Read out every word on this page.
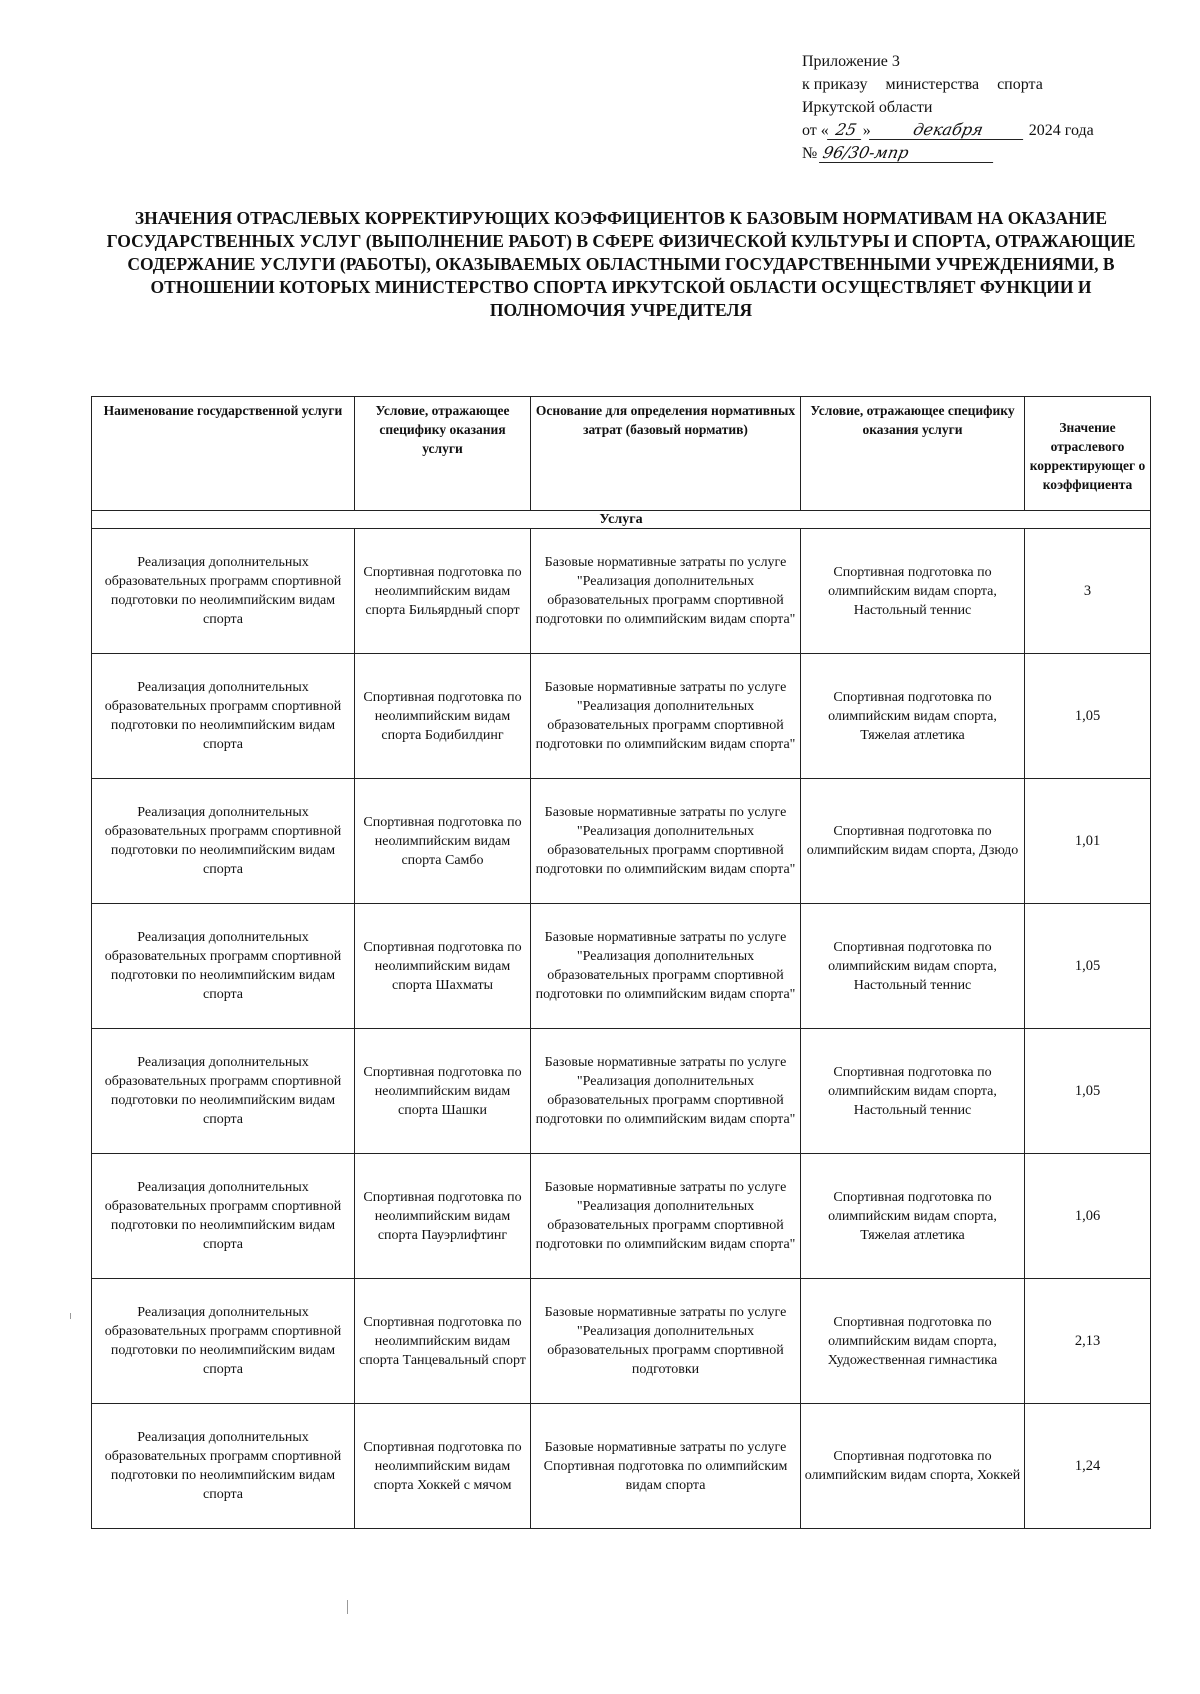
Приложение 3
к приказу министерства спорта
Иркутской области
от « 25 »	декабря	2024 года
№ 96/30-мпр
ЗНАЧЕНИЯ ОТРАСЛЕВЫХ КОРРЕКТИРУЮЩИХ КОЭФФИЦИЕНТОВ К БАЗОВЫМ НОРМАТИВАМ НА ОКАЗАНИЕ ГОСУДАРСТВЕННЫХ УСЛУГ (ВЫПОЛНЕНИЕ РАБОТ) В СФЕРЕ ФИЗИЧЕСКОЙ КУЛЬТУРЫ И СПОРТА, ОТРАЖАЮЩИЕ СОДЕРЖАНИЕ УСЛУГИ (РАБОТЫ), ОКАЗЫВАЕМЫХ ОБЛАСТНЫМИ ГОСУДАРСТВЕННЫМИ УЧРЕЖДЕНИЯМИ, В ОТНОШЕНИИ КОТОРЫХ МИНИСТЕРСТВО СПОРТА ИРКУТСКОЙ ОБЛАСТИ ОСУЩЕСТВЛЯЕТ ФУНКЦИИ И ПОЛНОМОЧИЯ УЧРЕДИТЕЛЯ
Наименование государственной услуги	Условие, отражающее специфику оказания услуги	Основание для определения нормативных затрат (базовый норматив)	Условие, отражающее специфику оказания услуги	Значение отраслевого корректирующег о коэффициента
Услуга				
Реализация дополнительных образовательных программ спортивной подготовки по неолимпийским видам спорта	Спортивная подготовка по неолимпийским видам спорта Бильярдный спорт	Базовые нормативные затраты по услуге "Реализация дополнительных образовательных программ спортивной подготовки по олимпийским видам спорта"	Спортивная подготовка по олимпийским видам спорта, Настольный теннис	3
Реализация дополнительных образовательных программ спортивной подготовки по неолимпийским видам спорта	Спортивная подготовка по неолимпийским видам спорта Бодибилдинг	Базовые нормативные затраты по услуге "Реализация дополнительных образовательных программ спортивной подготовки по олимпийским видам спорта"	Спортивная подготовка по олимпийским видам спорта, Тяжелая атлетика	1,05
Реализация дополнительных образовательных программ спортивной подготовки по неолимпийским видам спорта	Спортивная подготовка по неолимпийским видам спорта Самбо	Базовые нормативные затраты по услуге "Реализация дополнительных образовательных программ спортивной подготовки по олимпийским видам спорта"	Спортивная подготовка по олимпийским видам спорта, Дзюдо	1,01
Реализация дополнительных образовательных программ спортивной подготовки по неолимпийским видам спорта	Спортивная подготовка по неолимпийским видам спорта Шахматы	Базовые нормативные затраты по услуге "Реализация дополнительных образовательных программ спортивной подготовки по олимпийским видам спорта"	Спортивная подготовка по олимпийским видам спорта, Настольный теннис	1,05
Реализация дополнительных образовательных программ спортивной подготовки по неолимпийским видам спорта	Спортивная подготовка по неолимпийским видам спорта Шашки	Базовые нормативные затраты по услуге "Реализация дополнительных образовательных программ спортивной подготовки по олимпийским видам спорта"	Спортивная подготовка по олимпийским видам спорта, Настольный теннис	1,05
Реализация дополнительных образовательных программ спортивной подготовки по неолимпийским видам спорта	Спортивная подготовка по неолимпийским видам спорта Пауэрлифтинг	Базовые нормативные затраты по услуге "Реализация дополнительных образовательных программ спортивной подготовки по олимпийским видам спорта"	Спортивная подготовка по олимпийским видам спорта, Тяжелая атлетика	1,06
Реализация дополнительных образовательных программ спортивной подготовки по неолимпийским видам спорта	Спортивная подготовка по неолимпийским видам спорта Танцевальный спорт	Базовые нормативные затраты по услуге "Реализация дополнительных образовательных программ спортивной подготовки	Спортивная подготовка по олимпийским видам спорта, Художественная гимнастика	2,13
Реализация дополнительных образовательных программ спортивной подготовки по неолимпийским видам спорта	Спортивная подготовка по неолимпийским видам спорта Хоккей с мячом	Базовые нормативные затраты по услуге Спортивная подготовка по олимпийским видам спорта	Спортивная подготовка по олимпийским видам спорта, Хоккей	1,24
